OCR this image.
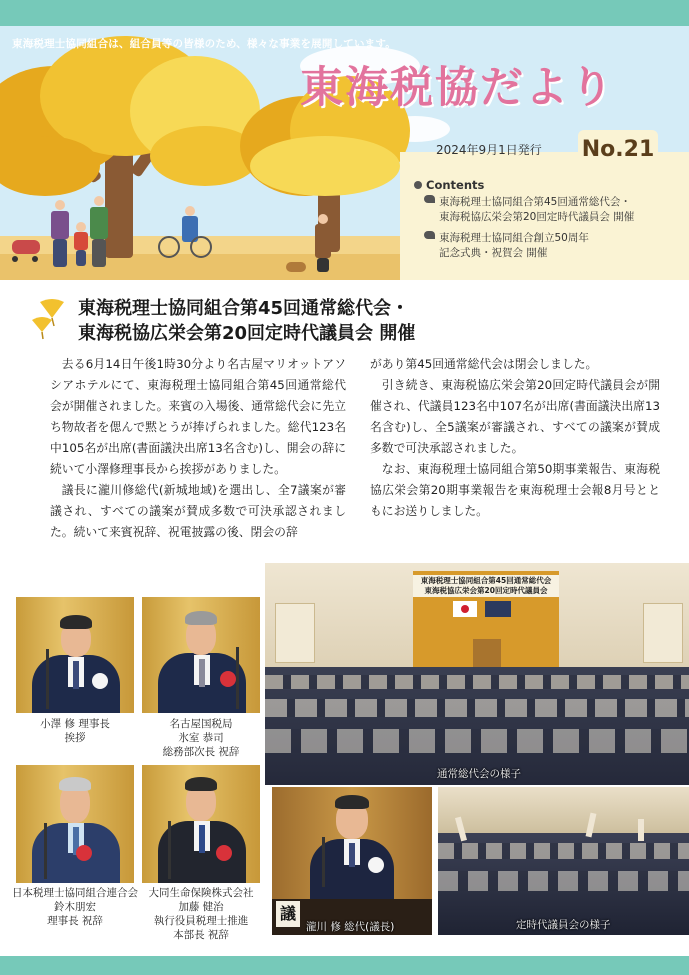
東海税理士協同組合は、組合員等の皆様のため、様々な事業を展開しています。
東海税協だより
2024年9月1日発行 No.21
Contents
東海税理士協同組合第45回通常総代会・
東海税協広栄会第20回定時代議員会 開催
東海税理士協同組合創立50周年
記念式典・祝賀会 開催
東海税理士協同組合第45回通常総代会・
東海税協広栄会第20回定時代議員会 開催

去る6月14日午後1時30分より名古屋マリオットアソシアホテルにて、東海税理士協同組合第45回通常総代会が開催されました。来賓の入場後、通常総代会に先立ち物故者を偲んで黙とうが捧げられました。総代123名中105名が出席(書面議決出席13名含む)し、開会の辞に続いて小澤修理事長から挨拶がありました。

議長に瀧川修総代(新城地域)を選出し、全7議案が審議され、すべての議案が賛成多数で可決承認されました。続いて来賓祝辞、祝電披露の後、閉会の辞

があり第45回通常総代会は閉会しました。

引き続き、東海税協広栄会第20回定時代議員会が開催され、代議員123名中107名が出席(書面議決出席13名含む)し、全5議案が審議され、すべての議案が賛成多数で可決承認されました。

なお、東海税理士協同組合第50期事業報告、東海税協広栄会第20期事業報告を東海税理士会報8月号とともにお送りしました。

小澤 修 理事長
挨拶
名古屋国税局
氷室 恭司
総務部次長 祝辞
日本税理士協同組合連合会
鈴木朋宏
理事長 祝辞
大同生命保険株式会社
加藤 健治
執行役員税理士推進
本部長 祝辞
東海税理士協同組合第45回通常総代会
東海税協広栄会第20回定時代議員会
通常総代会の様子
議
瀧川 修 総代(議長)	定時代議員会の様子
